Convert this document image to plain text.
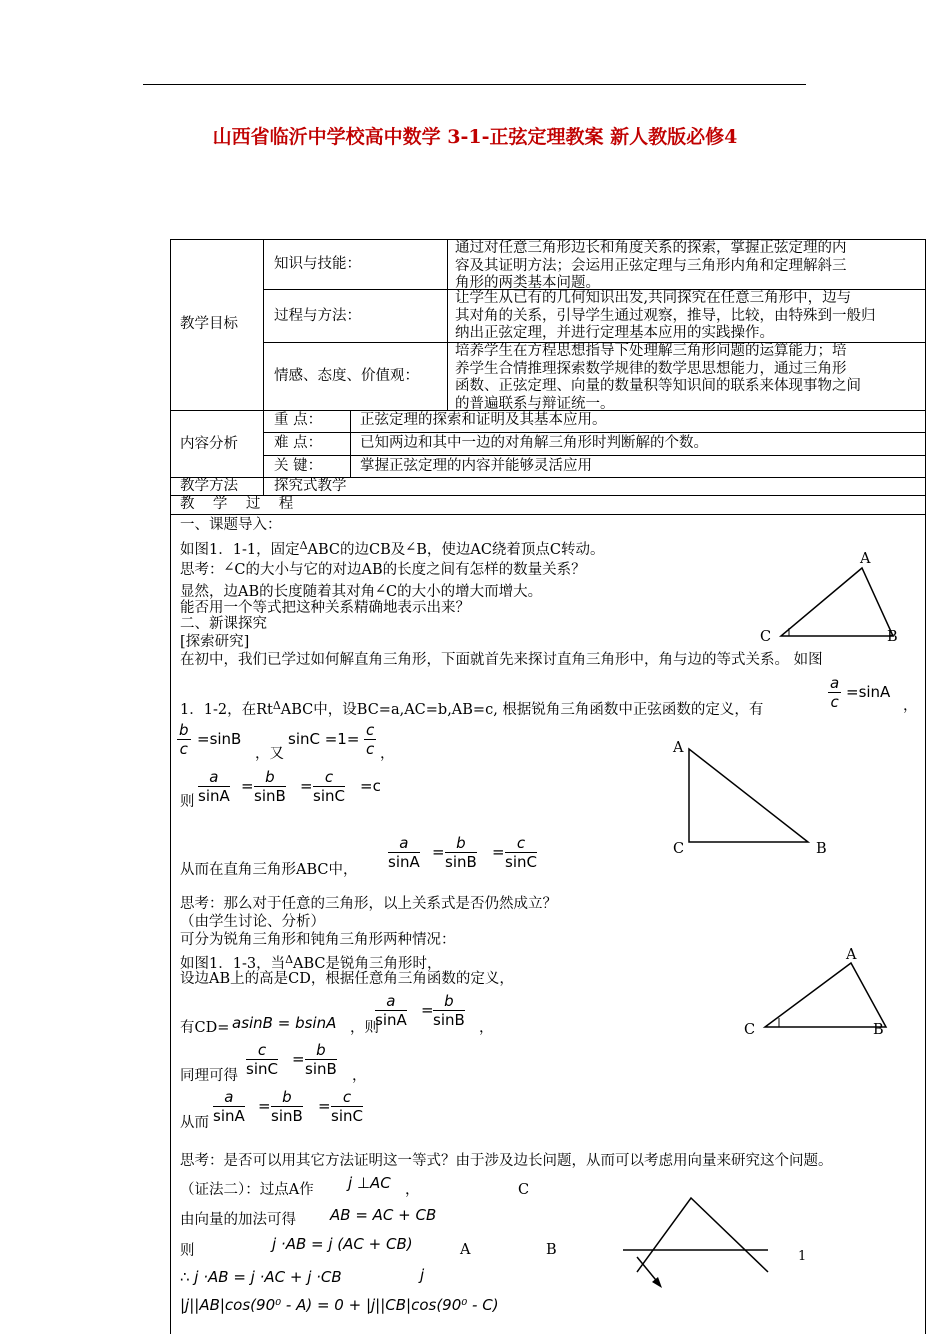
山西省临沂中学校高中数学 3-1-正弦定理教案 新人教版必修4
教学目标
知识与技能：
通过对任意三角形边长和角度关系的探索，掌握正弦定理的内
容及其证明方法；会运用正弦定理与三角形内角和定理解斜三
角形的两类基本问题。
过程与方法：
让学生从已有的几何知识出发,共同探究在任意三角形中，边与
其对角的关系，引导学生通过观察，推导，比较，由特殊到一般归
纳出正弦定理，并进行定理基本应用的实践操作。
情感、态度、价值观：
培养学生在方程思想指导下处理解三角形问题的运算能力；培
养学生合情推理探索数学规律的数学思思想能力，通过三角形
函数、正弦定理、向量的数量积等知识间的联系来体现事物之间
的普遍联系与辩证统一。
内容分析
重 点：	正弦定理的探索和证明及其基本应用。
难 点：	已知两边和其中一边的对角解三角形时判断解的个数。
关 键：	掌握正弦定理的内容并能够灵活应用
教学方法 探究式教学
教    学    过    程
一、课题导入：
如图1．1-1，固定$^\Delta$ABC的边CB及∠B，使边AC绕着顶点C转动。
思考：∠C的大小与它的对边AB的长度之间有怎样的数量关系？
显然，边AB的长度随着其对角∠C的大小的增大而增大。
能否用一个等式把这种关系精确地表示出来？
二、新课探究
[探索研究]
在初中，我们已学过如何解直角三角形，下面就首先来探讨直角三角形中，角与边的等式关系。 如图
1．1-2，在$Rt^\Delta ABC$中，设BC=a,AC=b,AB=c, 根据锐角三角函数中正弦函数的定义，有	$\frac{a}{c} =\sin A$
，
$\frac{b}{c} =\sin B$
，又
$\sin C =1= \frac{c}{c}$ ，
则 $\frac{a}{\sin A} = \frac{b}{\sin B} = \frac{c}{\sin C} =c$
从而在直角三角形ABC中， $\frac{a}{\sin A} = \frac{b}{\sin B} = \frac{c}{\sin C}$
思考：那么对于任意的三角形，以上关系式是否仍然成立？
（由学生讨论、分析）
可分为锐角三角形和钝角三角形两种情况：
如图1．1-3，当$^\Delta$ABC是锐角三角形时，
设边AB上的高是CD，根据任意角三角函数的定义，
有CD= asinB = bsinA ，则
$\frac{a}{\sin A} = \frac{b}{\sin B}$ ，
同理可得 $\frac{c}{\sin C} = \frac{b}{\sin B}$ ，
从而 $\frac{a}{\sin A} = \frac{b}{\sin B} = \frac{c}{\sin C}$
思考：是否可以用其它方法证明这一等式？由于涉及边长问题，从而可以考虑用向量来研究这个问题。
（证法二）：过点A作 j ⊥AC ，
由向量的加法可得 AB = AC + CB
则	j ·AB = j (AC + CB)
∴ j ·AB = j ·AC + j ·CB	j
|j||AB|cos(90⁰ - A) = 0 + |j||CB|cos(90⁰ - C)
A
C	B
A
C	B
A
C	B
C
A	B	1
